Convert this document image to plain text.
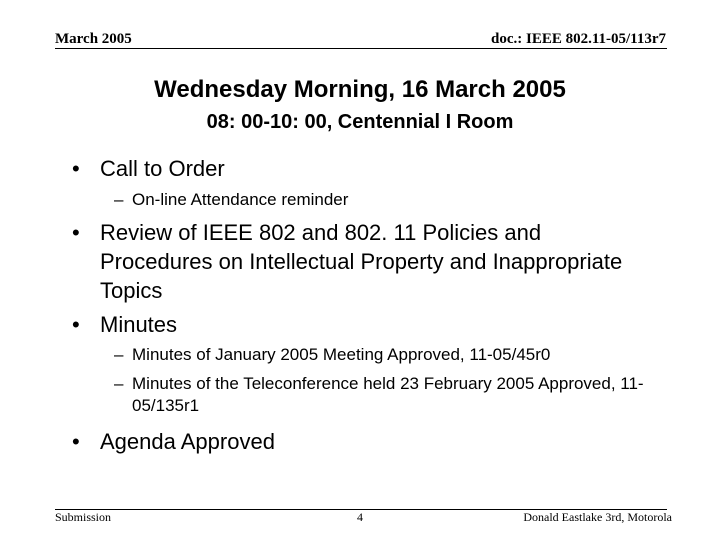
March 2005	doc.: IEEE 802.11-05/113r7
Wednesday Morning, 16 March 2005
08: 00-10: 00, Centennial I Room
• Call to Order
– On-line Attendance reminder
• Review of IEEE 802 and 802. 11 Policies and Procedures on Intellectual Property and Inappropriate Topics
• Minutes
– Minutes of January 2005 Meeting Approved, 11-05/45r0
– Minutes of the Teleconference held 23 February 2005 Approved, 11-05/135r1
• Agenda Approved
Submission	4	Donald Eastlake 3rd, Motorola
